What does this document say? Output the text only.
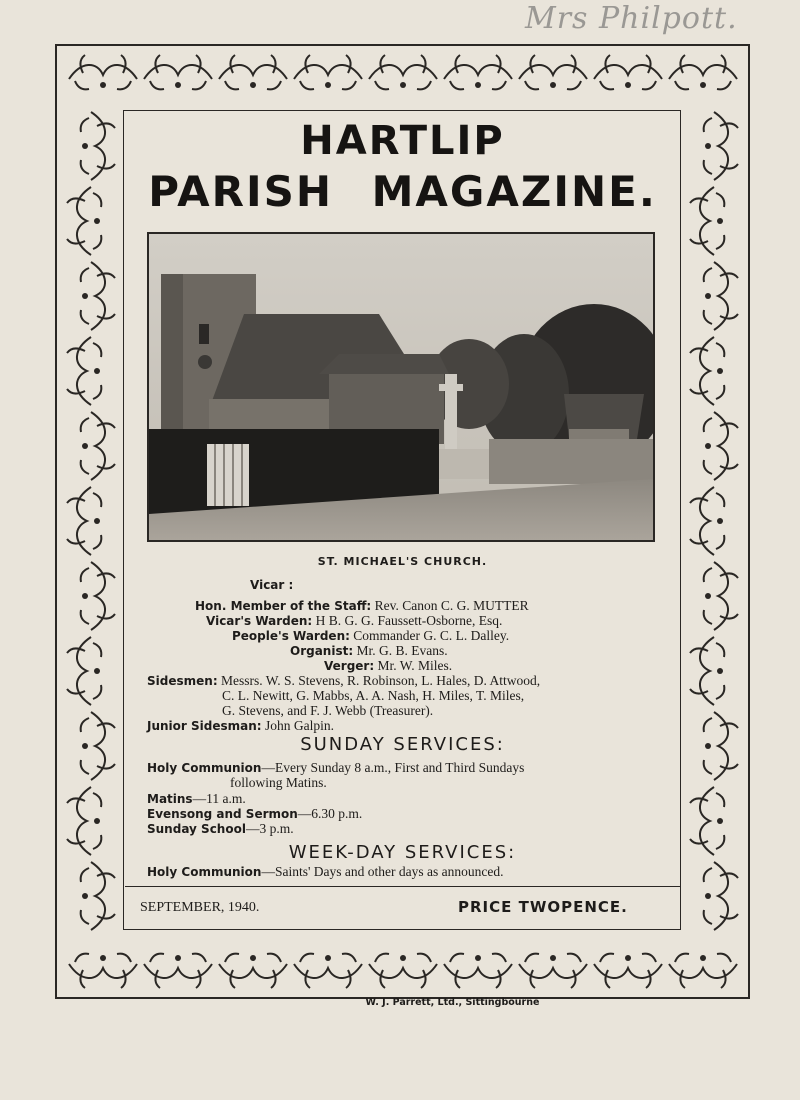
Mrs Philpott.
HARTLIP
PARISH MAGAZINE.
ST. MICHAEL'S CHURCH.
Vicar :
Hon. Member of the Staff: Rev. Canon C. G. MUTTER
Vicar's Warden: H B. G. G. Faussett-Osborne, Esq.
People's Warden: Commander G. C. L. Dalley.
Organist: Mr. G. B. Evans.
Verger: Mr. W. Miles.
Sidesmen: Messrs. W. S. Stevens, R. Robinson, L. Hales, D. Attwood,
C. L. Newitt, G. Mabbs, A. A. Nash, H. Miles, T. Miles,
G. Stevens, and F. J. Webb (Treasurer).
Junior Sidesman: John Galpin.
SUNDAY SERVICES:
Holy Communion—Every Sunday 8 a.m., First and Third Sundays
following Matins.
Matins—11 a.m.
Evensong and Sermon—6.30 p.m.
Sunday School—3 p.m.
WEEK-DAY SERVICES:
Holy Communion—Saints' Days and other days as announced.
SEPTEMBER, 1940.	PRICE TWOPENCE.
W. J. Parrett, Ltd., Sittingbourne
